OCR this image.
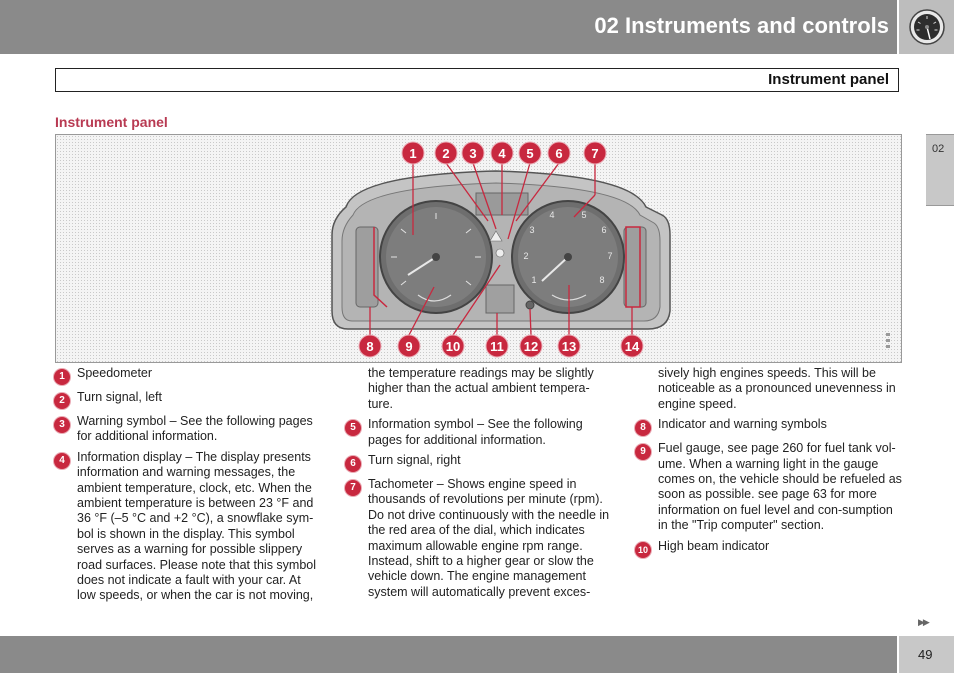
02 Instruments and controls
Instrument panel
Instrument panel
02
1
2
3
4	5
6
7
8
1 2 3 4 5 6 7
8 9	10 11 12 13	14
1 Speedometer
2 Turn signal, left
3 Warning symbol – See the following pages for additional information.
4 Information display – The display presents information and warning messages, the ambient temperature, clock, etc. When the ambient temperature is between 23 °F and 36 °F (–5 °C and +2 °C), a snowflake sym-bol is shown in the display. This symbol serves as a warning for possible slippery road surfaces. Please note that this symbol does not indicate a fault with your car. At low speeds, or when the car is not moving,
the temperature readings may be slightly higher than the actual ambient tempera-ture.
5 Information symbol – See the following pages for additional information.
6 Turn signal, right
7 Tachometer – Shows engine speed in thousands of revolutions per minute (rpm). Do not drive continuously with the needle in the red area of the dial, which indicates maximum allowable engine rpm range. Instead, shift to a higher gear or slow the vehicle down. The engine management system will automatically prevent exces-
sively high engines speeds. This will be noticeable as a pronounced unevenness in engine speed.
8 Indicator and warning symbols
9 Fuel gauge, see page 260 for fuel tank vol-ume. When a warning light in the gauge comes on, the vehicle should be refueled as soon as possible. see page 63 for more information on fuel level and con-sumption in the "Trip computer" section.
10 High beam indicator
▶▶
49
